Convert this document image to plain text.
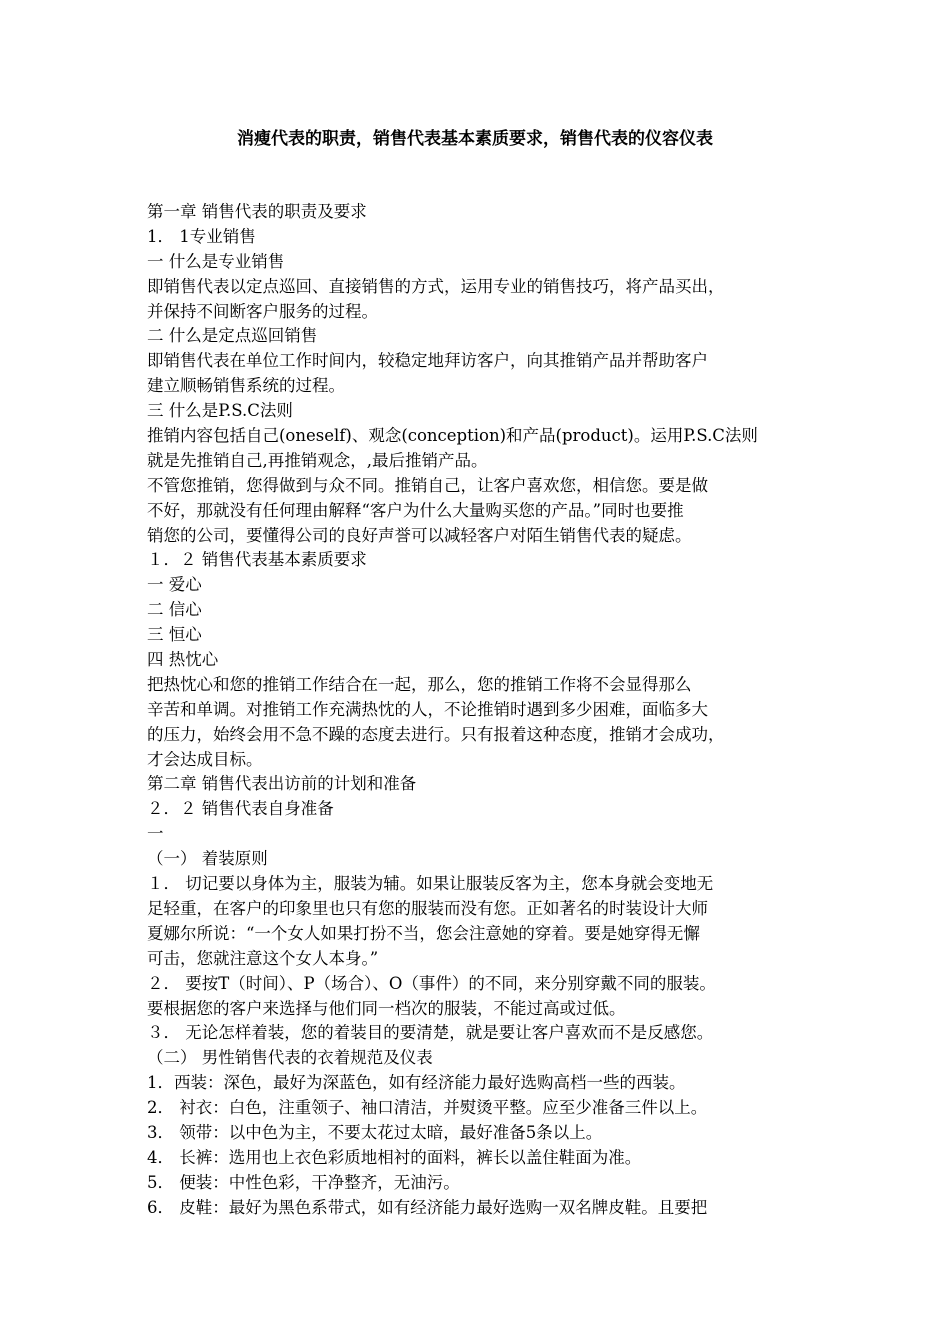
消瘦代表的职责，销售代表基本素质要求，销售代表的仪容仪表
第一章 销售代表的职责及要求
1． 1专业销售
一 什么是专业销售
即销售代表以定点巡回、直接销售的方式，运用专业的销售技巧，将产品买出，
并保持不间断客户服务的过程。
二 什么是定点巡回销售
即销售代表在单位工作时间内，较稳定地拜访客户，向其推销产品并帮助客户
建立顺畅销售系统的过程。
三 什么是P.S.C法则
推销内容包括自己(oneself)、观念(conception)和产品(product)。运用P.S.C法则
就是先推销自己,再推销观念，,最后推销产品。
不管您推销，您得做到与众不同。推销自己，让客户喜欢您，相信您。要是做
不好，那就没有任何理由解释“客户为什么大量购买您的产品。”同时也要推
销您的公司，要懂得公司的良好声誉可以减轻客户对陌生销售代表的疑虑。
１．２ 销售代表基本素质要求
一 爱心
二 信心
三 恒心
四 热忱心
把热忱心和您的推销工作结合在一起，那么，您的推销工作将不会显得那么
辛苦和单调。对推销工作充满热忱的人，不论推销时遇到多少困难，面临多大
的压力，始终会用不急不躁的态度去进行。只有报着这种态度，推销才会成功，
才会达成目标。
第二章 销售代表出访前的计划和准备
２．２ 销售代表自身准备
一
（一） 着装原则
１． 切记要以身体为主，服装为辅。如果让服装反客为主，您本身就会变地无
足轻重，在客户的印象里也只有您的服装而没有您。正如著名的时装设计大师
夏娜尔所说：“一个女人如果打扮不当，您会注意她的穿着。要是她穿得无懈
可击，您就注意这个女人本身。”
２． 要按T（时间）、P（场合）、O（事件）的不同，来分别穿戴不同的服装。
要根据您的客户来选择与他们同一档次的服装，不能过高或过低。
３． 无论怎样着装，您的着装目的要清楚，就是要让客户喜欢而不是反感您。
（二） 男性销售代表的衣着规范及仪表
1．西装：深色，最好为深蓝色，如有经济能力最好选购高档一些的西装。
2． 衬衣：白色，注重领子、袖口清洁，并熨烫平整。应至少准备三件以上。
3． 领带：以中色为主，不要太花过太暗，最好准备5条以上。
4． 长裤：选用也上衣色彩质地相衬的面料，裤长以盖住鞋面为准。
5． 便装：中性色彩，干净整齐，无油污。
6． 皮鞋：最好为黑色系带式，如有经济能力最好选购一双名牌皮鞋。且要把
